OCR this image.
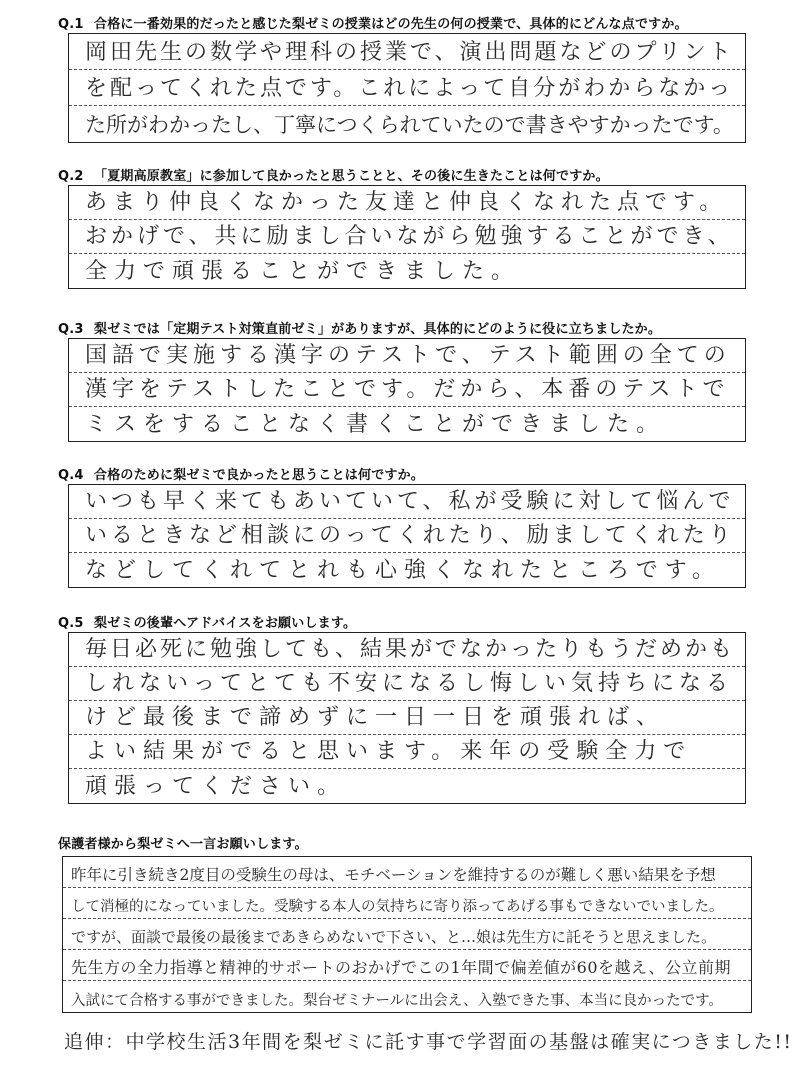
Q.1 合格に一番効果的だったと感じた梨ゼミの授業はどの先生の何の授業で、具体的にどんな点ですか。
岡田先生の数学や理科の授業で、演出問題などのプリント
を配ってくれた点です。これによって自分がわからなかっ
た所がわかったし、丁寧につくられていたので書きやすかったです。
Q.2 「夏期高原教室」に参加して良かったと思うことと、その後に生きたことは何ですか。
あまり仲良くなかった友達と仲良くなれた点です。
おかげで、共に励まし合いながら勉強することができ、
全力で頑張ることができました。
Q.3 梨ゼミでは「定期テスト対策直前ゼミ」がありますが、具体的にどのように役に立ちましたか。
国語で実施する漢字のテストで、テスト範囲の全ての
漢字をテストしたことです。だから、本番のテストで
ミスをすることなく書くことができました。
Q.4 合格のために梨ゼミで良かったと思うことは何ですか。
いつも早く来てもあいていて、私が受験に対して悩んで
いるときなど相談にのってくれたり、励ましてくれたり
などしてくれてとれも心強くなれたところです。
Q.5 梨ゼミの後輩へアドバイスをお願いします。
毎日必死に勉強しても、結果がでなかったりもうだめかも
しれないってとても不安になるし悔しい気持ちになる
けど最後まで諦めずに一日一日を頑張れば、
よい結果がでると思います。来年の受験全力で
頑張ってください。
保護者様から梨ゼミへ一言お願いします。
昨年に引き続き2度目の受験生の母は、モチベーションを維持するのが難しく悪い結果を予想
して消極的になっていました。受験する本人の気持ちに寄り添ってあげる事もできないでいました。
ですが、面談で最後の最後まであきらめないで下さい、と…娘は先生方に託そうと思えました。
先生方の全力指導と精神的サポートのおかげでこの1年間で偏差値が60を越え、公立前期
入試にて合格する事ができました。梨台ゼミナールに出会え、入塾できた事、本当に良かったです。
追伸：中学校生活3年間を梨ゼミに託す事で学習面の基盤は確実につきました!!
